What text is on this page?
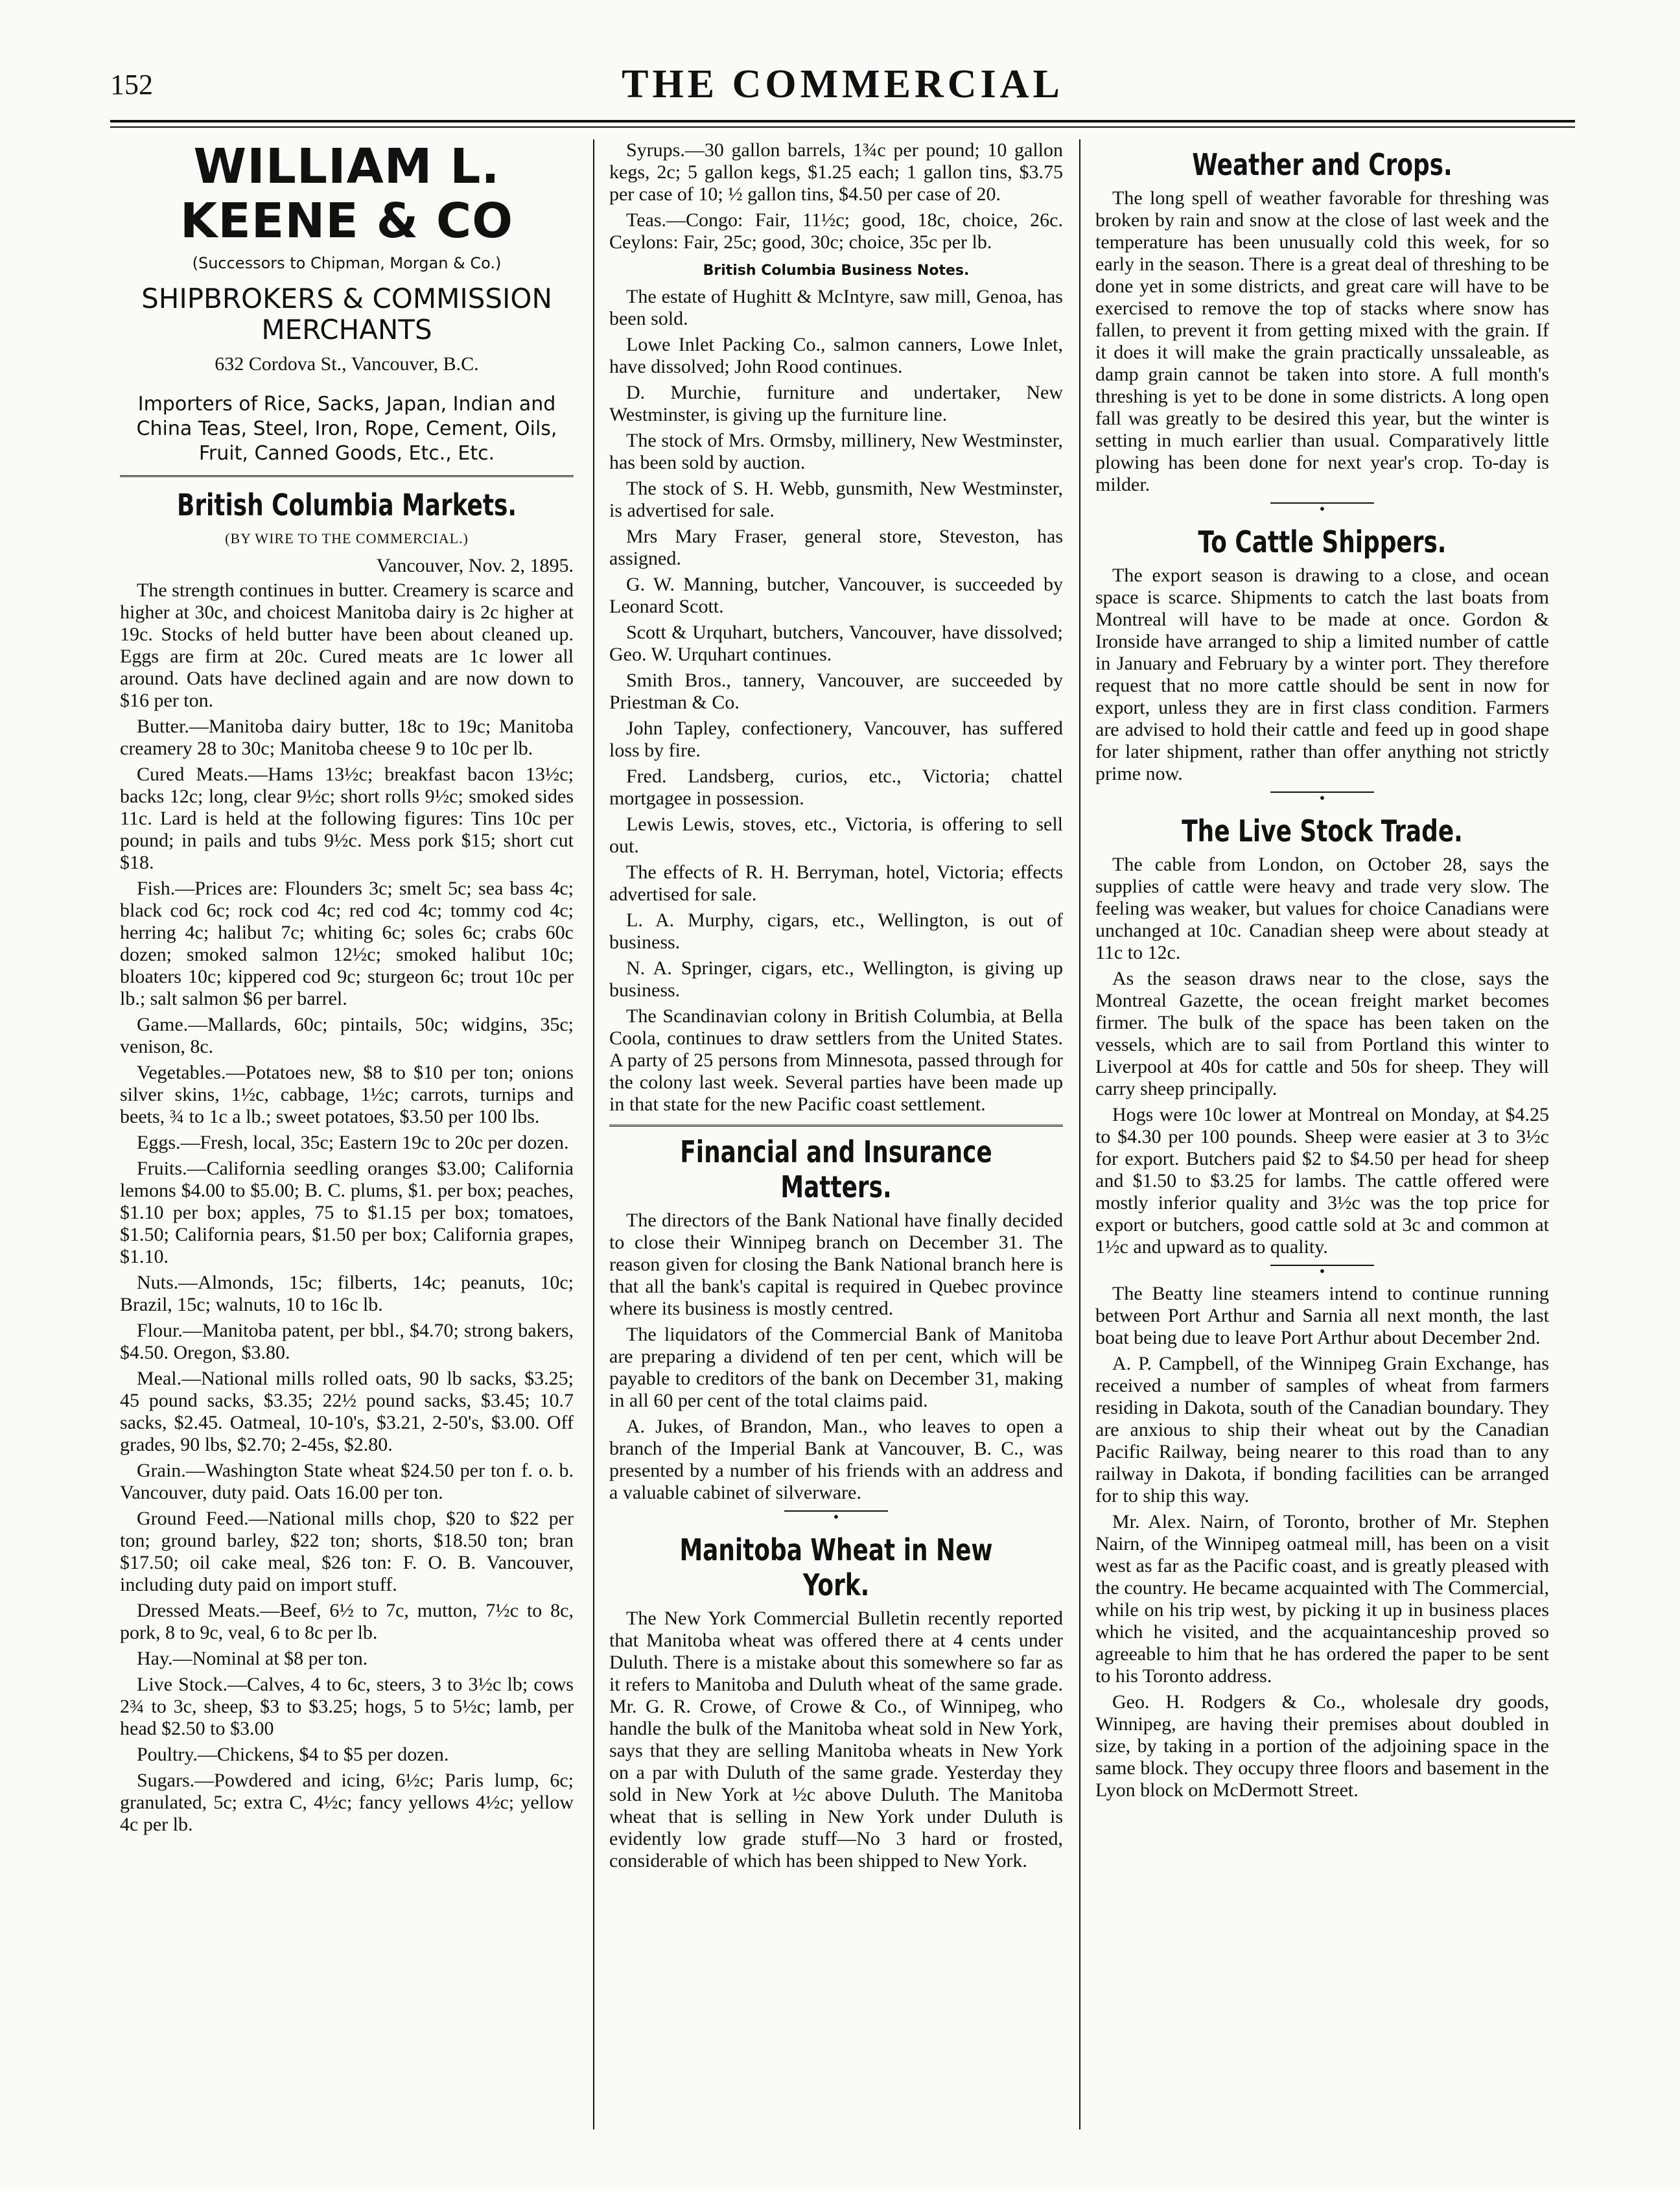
152	THE COMMERCIAL
WILLIAM L. KEENE & CO
(Successors to Chipman, Morgan & Co.)
SHIPBROKERS & COMMISSION MERCHANTS
632 Cordova St., Vancouver, B.C.
Importers of Rice, Sacks, Japan, Indian and China Teas, Steel, Iron, Rope, Cement, Oils, Fruit, Canned Goods, Etc., Etc.
British Columbia Markets.
(BY WIRE TO THE COMMERCIAL.)
Vancouver, Nov. 2, 1895.

The strength continues in butter. Creamery is scarce and higher at 30c, and choicest Manitoba dairy is 2c higher at 19c. Stocks of held butter have been about cleaned up. Eggs are firm at 20c. Cured meats are 1c lower all around. Oats have declined again and are now down to $16 per ton.

Butter.—Manitoba dairy butter, 18c to 19c; Manitoba creamery 28 to 30c; Manitoba cheese 9 to 10c per lb.

Cured Meats.—Hams 13½c; breakfast bacon 13½c; backs 12c; long, clear 9½c; short rolls 9½c; smoked sides 11c. Lard is held at the following figures: Tins 10c per pound; in pails and tubs 9½c. Mess pork $15; short cut $18.

Fish.—Prices are: Flounders 3c; smelt 5c; sea bass 4c; black cod 6c; rock cod 4c; red cod 4c; tommy cod 4c; herring 4c; halibut 7c; whiting 6c; soles 6c; crabs 60c dozen; smoked salmon 12½c; smoked halibut 10c; bloaters 10c; kippered cod 9c; sturgeon 6c; trout 10c per lb.; salt salmon $6 per barrel.

Game.—Mallards, 60c; pintails, 50c; widgins, 35c; venison, 8c.

Vegetables.—Potatoes new, $8 to $10 per ton; onions silver skins, 1½c, cabbage, 1½c; carrots, turnips and beets, ¾ to 1c a lb.; sweet potatoes, $3.50 per 100 lbs.

Eggs.—Fresh, local, 35c; Eastern 19c to 20c per dozen.

Fruits.—California seedling oranges $3.00; California lemons $4.00 to $5.00; B. C. plums, $1. per box; peaches, $1.10 per box; apples, 75 to $1.15 per box; tomatoes, $1.50; California pears, $1.50 per box; California grapes, $1.10.

Nuts.—Almonds, 15c; filberts, 14c; peanuts, 10c; Brazil, 15c; walnuts, 10 to 16c lb.

Flour.—Manitoba patent, per bbl., $4.70; strong bakers, $4.50. Oregon, $3.80.

Meal.—National mills rolled oats, 90 lb sacks, $3.25; 45 pound sacks, $3.35; 22½ pound sacks, $3.45; 10.7 sacks, $2.45. Oatmeal, 10-10's, $3.21, 2-50's, $3.00. Off grades, 90 lbs, $2.70; 2-45s, $2.80.

Grain.—Washington State wheat $24.50 per ton f. o. b. Vancouver, duty paid. Oats 16.00 per ton.

Ground Feed.—National mills chop, $20 to $22 per ton; ground barley, $22 ton; shorts, $18.50 ton; bran $17.50; oil cake meal, $26 ton: F. O. B. Vancouver, including duty paid on import stuff.

Dressed Meats.—Beef, 6½ to 7c, mutton, 7½c to 8c, pork, 8 to 9c, veal, 6 to 8c per lb.

Hay.—Nominal at $8 per ton.

Live Stock.—Calves, 4 to 6c, steers, 3 to 3½c lb; cows 2¾ to 3c, sheep, $3 to $3.25; hogs, 5 to 5½c; lamb, per head $2.50 to $3.00

Poultry.—Chickens, $4 to $5 per dozen.

Sugars.—Powdered and icing, 6½c; Paris lump, 6c; granulated, 5c; extra C, 4½c; fancy yellows 4½c; yellow 4c per lb.

Syrups.—30 gallon barrels, 1¾c per pound; 10 gallon kegs, 2c; 5 gallon kegs, $1.25 each; 1 gallon tins, $3.75 per case of 10; ½ gallon tins, $4.50 per case of 20.

Teas.—Congo: Fair, 11½c; good, 18c, choice, 26c. Ceylons: Fair, 25c; good, 30c; choice, 35c per lb.

British Columbia Business Notes.

The estate of Hughitt & McIntyre, saw mill, Genoa, has been sold.

Lowe Inlet Packing Co., salmon canners, Lowe Inlet, have dissolved; John Rood continues.

D. Murchie, furniture and undertaker, New Westminster, is giving up the furniture line.

The stock of Mrs. Ormsby, millinery, New Westminster, has been sold by auction.

The stock of S. H. Webb, gunsmith, New Westminster, is advertised for sale.

Mrs Mary Fraser, general store, Steveston, has assigned.

G. W. Manning, butcher, Vancouver, is succeeded by Leonard Scott.

Scott & Urquhart, butchers, Vancouver, have dissolved; Geo. W. Urquhart continues.

Smith Bros., tannery, Vancouver, are succeeded by Priestman & Co.

John Tapley, confectionery, Vancouver, has suffered loss by fire.

Fred. Landsberg, curios, etc., Victoria; chattel mortgagee in possession.

Lewis Lewis, stoves, etc., Victoria, is offering to sell out.

The effects of R. H. Berryman, hotel, Victoria; effects advertised for sale.

L. A. Murphy, cigars, etc., Wellington, is out of business.

N. A. Springer, cigars, etc., Wellington, is giving up business.

The Scandinavian colony in British Columbia, at Bella Coola, continues to draw settlers from the United States. A party of 25 persons from Minnesota, passed through for the colony last week. Several parties have been made up in that state for the new Pacific coast settlement.

Financial and Insurance Matters.

The directors of the Bank National have finally decided to close their Winnipeg branch on December 31. The reason given for closing the Bank National branch here is that all the bank's capital is required in Quebec province where its business is mostly centred.

The liquidators of the Commercial Bank of Manitoba are preparing a dividend of ten per cent, which will be payable to creditors of the bank on December 31, making in all 60 per cent of the total claims paid.

A. Jukes, of Brandon, Man., who leaves to open a branch of the Imperial Bank at Vancouver, B. C., was presented by a number of his friends with an address and a valuable cabinet of silverware.

•
Manitoba Wheat in New York.

The New York Commercial Bulletin recently reported that Manitoba wheat was offered there at 4 cents under Duluth. There is a mistake about this somewhere so far as it refers to Manitoba and Duluth wheat of the same grade. Mr. G. R. Crowe, of Crowe & Co., of Winnipeg, who handle the bulk of the Manitoba wheat sold in New York, says that they are selling Manitoba wheats in New York on a par with Duluth of the same grade. Yesterday they sold in New York at ½c above Duluth. The Manitoba wheat that is selling in New York under Duluth is evidently low grade stuff—No 3 hard or frosted, considerable of which has been shipped to New York.

Weather and Crops.

The long spell of weather favorable for threshing was broken by rain and snow at the close of last week and the temperature has been unusually cold this week, for so early in the season. There is a great deal of threshing to be done yet in some districts, and great care will have to be exercised to remove the top of stacks where snow has fallen, to prevent it from getting mixed with the grain. If it does it will make the grain practically unssaleable, as damp grain cannot be taken into store. A full month's threshing is yet to be done in some districts. A long open fall was greatly to be desired this year, but the winter is setting in much earlier than usual. Comparatively little plowing has been done for next year's crop. To-day is milder.

•
To Cattle Shippers.

The export season is drawing to a close, and ocean space is scarce. Shipments to catch the last boats from Montreal will have to be made at once. Gordon & Ironside have arranged to ship a limited number of cattle in January and February by a winter port. They therefore request that no more cattle should be sent in now for export, unless they are in first class condition. Farmers are advised to hold their cattle and feed up in good shape for later shipment, rather than offer anything not strictly prime now.

•
The Live Stock Trade.

The cable from London, on October 28, says the supplies of cattle were heavy and trade very slow. The feeling was weaker, but values for choice Canadians were unchanged at 10c. Canadian sheep were about steady at 11c to 12c.

As the season draws near to the close, says the Montreal Gazette, the ocean freight market becomes firmer. The bulk of the space has been taken on the vessels, which are to sail from Portland this winter to Liverpool at 40s for cattle and 50s for sheep. They will carry sheep principally.

Hogs were 10c lower at Montreal on Monday, at $4.25 to $4.30 per 100 pounds. Sheep were easier at 3 to 3½c for export. Butchers paid $2 to $4.50 per head for sheep and $1.50 to $3.25 for lambs. The cattle offered were mostly inferior quality and 3½c was the top price for export or butchers, good cattle sold at 3c and common at 1½c and upward as to quality.

•

The Beatty line steamers intend to continue running between Port Arthur and Sarnia all next month, the last boat being due to leave Port Arthur about December 2nd.

A. P. Campbell, of the Winnipeg Grain Exchange, has received a number of samples of wheat from farmers residing in Dakota, south of the Canadian boundary. They are anxious to ship their wheat out by the Canadian Pacific Railway, being nearer to this road than to any railway in Dakota, if bonding facilities can be arranged for to ship this way.

Mr. Alex. Nairn, of Toronto, brother of Mr. Stephen Nairn, of the Winnipeg oatmeal mill, has been on a visit west as far as the Pacific coast, and is greatly pleased with the country. He became acquainted with The Commercial, while on his trip west, by picking it up in business places which he visited, and the acquaintanceship proved so agreeable to him that he has ordered the paper to be sent to his Toronto address.

Geo. H. Rodgers & Co., wholesale dry goods, Winnipeg, are having their premises about doubled in size, by taking in a portion of the adjoining space in the same block. They occupy three floors and basement in the Lyon block on McDermott Street.
